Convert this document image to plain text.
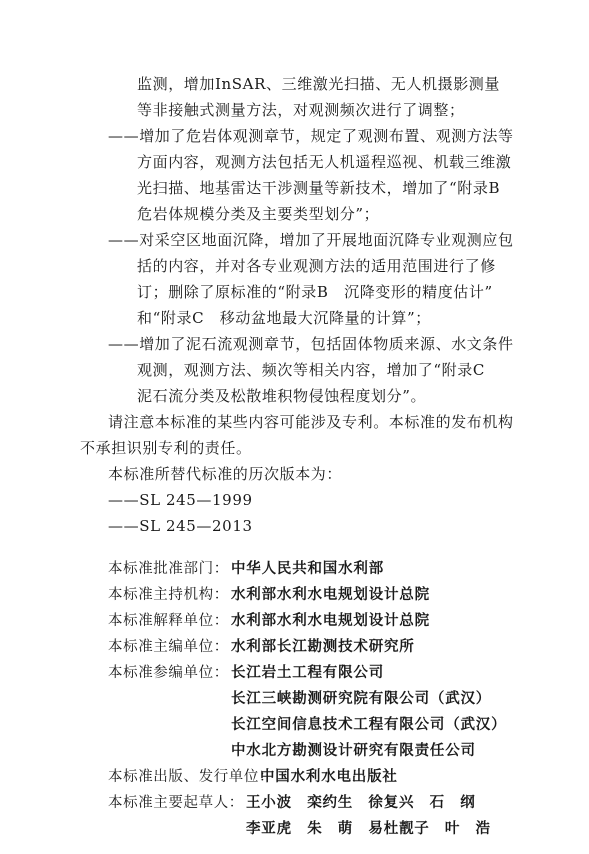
监测，增加InSAR、三维激光扫描、无人机摄影测量
等非接触式测量方法，对观测频次进行了调整；
——增加了危岩体观测章节，规定了观测布置、观测方法等
方面内容，观测方法包括无人机遥程巡视、机载三维激
光扫描、地基雷达干涉测量等新技术，增加了“附录B
危岩体规模分类及主要类型划分”；
——对采空区地面沉降，增加了开展地面沉降专业观测应包
括的内容，并对各专业观测方法的适用范围进行了修
订；删除了原标准的“附录B　沉降变形的精度估计”
和“附录C　移动盆地最大沉降量的计算”；
——增加了泥石流观测章节，包括固体物质来源、水文条件
观测，观测方法、频次等相关内容，增加了“附录C
泥石流分类及松散堆积物侵蚀程度划分”。
请注意本标准的某些内容可能涉及专利。本标准的发布机构
不承担识别专利的责任。
本标准所替代标准的历次版本为：
——SL 245—1999
——SL 245—2013
本标准批准部门： 中华人民共和国水利部
本标准主持机构： 水利部水利水电规划设计总院
本标准解释单位： 水利部水利水电规划设计总院
本标准主编单位： 水利部长江勘测技术研究所
本标准参编单位： 长江岩土工程有限公司
长江三峡勘测研究院有限公司（武汉）
长江空间信息技术工程有限公司（武汉）
中水北方勘测设计研究有限责任公司
本标准出版、发行单位：
中国水利水电出版社
本标准主要起草人： 王小波　栾约生　徐复兴　石　纲
李亚虎　朱　萌　易杜靓子　叶　浩
